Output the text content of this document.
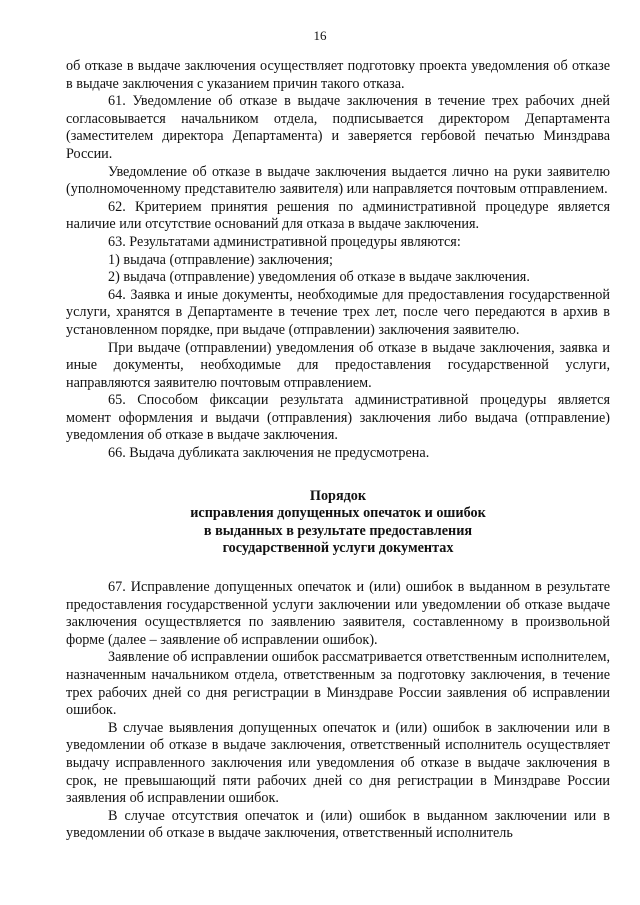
16

об отказе в выдаче заключения осуществляет подготовку проекта уведомления об отказе в выдаче заключения с указанием причин такого отказа.

61. Уведомление об отказе в выдаче заключения в течение трех рабочих дней согласовывается начальником отдела, подписывается директором Департамента (заместителем директора Департамента) и заверяется гербовой печатью Минздрава России.

Уведомление об отказе в выдаче заключения выдается лично на руки заявителю (уполномоченному представителю заявителя) или направляется почтовым отправлением.

62. Критерием принятия решения по административной процедуре является наличие или отсутствие оснований для отказа в выдаче заключения.

63. Результатами административной процедуры являются:

1) выдача (отправление) заключения;

2) выдача (отправление) уведомления об отказе в выдаче заключения.

64. Заявка и иные документы, необходимые для предоставления государственной услуги, хранятся в Департаменте в течение трех лет, после чего передаются в архив в установленном порядке, при выдаче (отправлении) заключения заявителю.

При выдаче (отправлении) уведомления об отказе в выдаче заключения, заявка и иные документы, необходимые для предоставления государственной услуги, направляются заявителю почтовым отправлением.

65. Способом фиксации результата административной процедуры является момент оформления и выдачи (отправления) заключения либо выдача (отправление) уведомления об отказе в выдаче заключения.

66. Выдача дубликата заключения не предусмотрена.

Порядок
исправления допущенных опечаток и ошибок
в выданных в результате предоставления
государственной услуги документах

67. Исправление допущенных опечаток и (или) ошибок в выданном в результате предоставления государственной услуги заключении или уведомлении об отказе выдаче заключения осуществляется по заявлению заявителя, составленному в произвольной форме (далее – заявление об исправлении ошибок).

Заявление об исправлении ошибок рассматривается ответственным исполнителем, назначенным начальником отдела, ответственным за подготовку заключения, в течение трех рабочих дней со дня регистрации в Минздраве России заявления об исправлении ошибок.

В случае выявления допущенных опечаток и (или) ошибок в заключении или в уведомлении об отказе в выдаче заключения, ответственный исполнитель осуществляет выдачу исправленного заключения или уведомления об отказе в выдаче заключения в срок, не превышающий пяти рабочих дней со дня регистрации в Минздраве России заявления об исправлении ошибок.

В случае отсутствия опечаток и (или) ошибок в выданном заключении или в уведомлении об отказе в выдаче заключения, ответственный исполнитель
